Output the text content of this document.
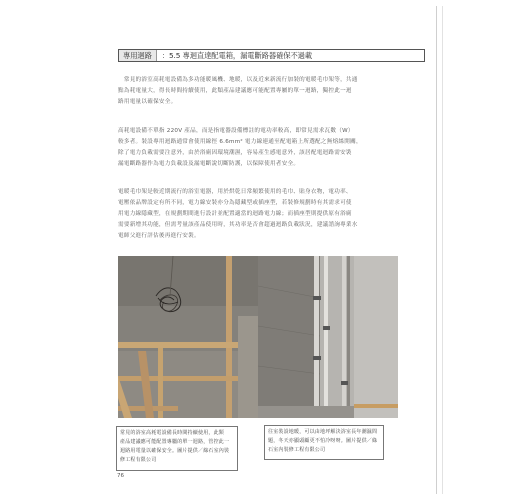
專用迴路	：5.5 專迴直達配電箱，漏電斷路器確保不過載
　常見的浴室高耗電設備為多功能暖風機、地暖，以及近來新流行加裝的電暖毛巾架等，共通
點為耗電量大，得長時間持續使用，此類產品建議應可能配置專屬的單一迴路，獨控此一迴
路用電量以確保安全。
高耗電設備不單指 220V 產品，而是指電器設備標註的電功率較高，即常見需求瓦數（W）
較多者。裝設專用迴路通常會使用線徑 6.6mm² 電力線連通至配電箱上所選配之無熔絲開關，
除了電力負載需要注意外，由於浴廁因環境潮濕，容易產生感電意外，該居配電迴路需安裝
漏電斷路器作為電力負載設及漏電斷說切斷防護，以保障使用者安全。
電暖毛巾架是較近期流行的浴室電器，用於烘乾日常頻繁使用的毛巾、貼身衣物，電功率、
電壓依品牌設定有所不同，電力線安裝亦分為隱藏型或插座型，若裝修規劃時有其需求可使
用電力線隱藏型，在規劃期間進行設計並配置適當的迴路電力線；而插座型則提供原有浴廁
需要新增其功能，但需考量該產品使用時，其功率是否會超過迴路負載狀況，建議諮詢專業水
電師父進行評估後再進行安裝。
常見的浴室高耗電設備長時間持續使用，此類
產品建議應可能配置專屬的單一迴路，管控此一
迴路用電量以確保安全。圖片提供／綠石室內裝
修工程有限公司
往室裝設地暖，可以由地坪解決浴室長年潮濕問
題，冬天亦顯頭顧更不怕冷呀呀。圖片提供／綠
石室內裝修工程有限公司
76
